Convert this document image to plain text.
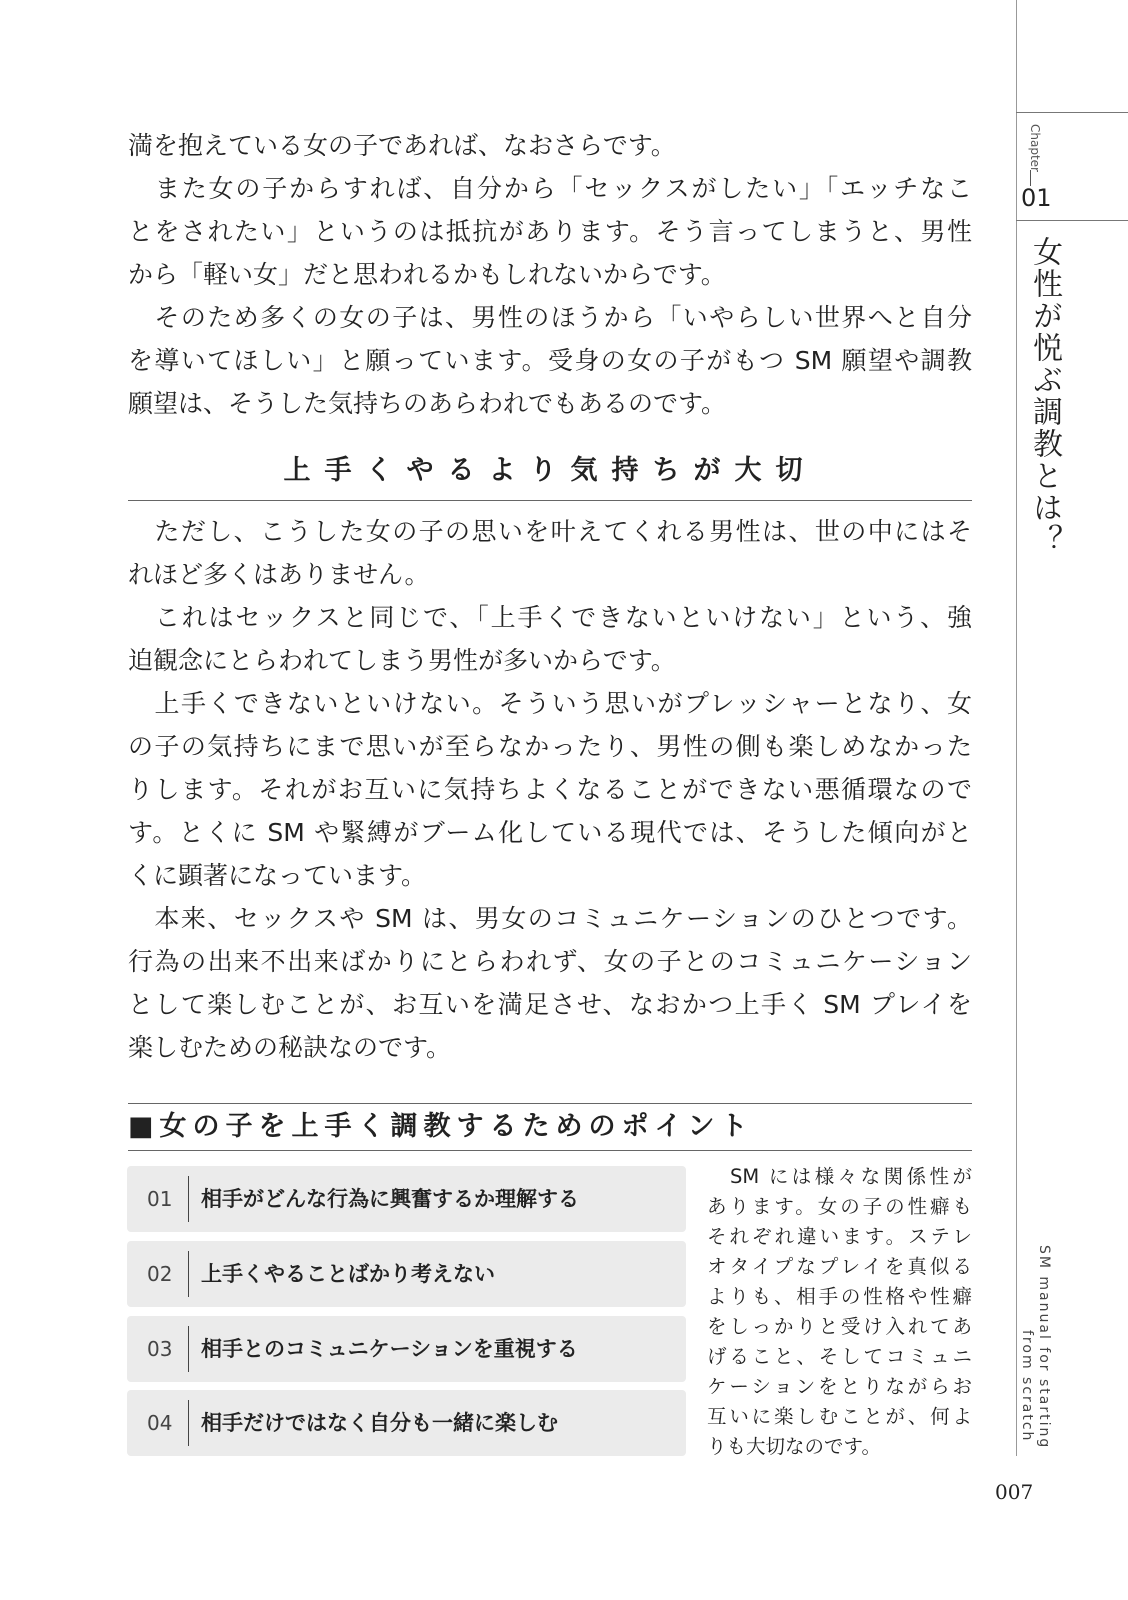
満を抱えている女の子であれば、なおさらです。
　また女の子からすれば、自分から「セックスがしたい」「エッチなこ
とをされたい」というのは抵抗があります。そう言ってしまうと、男性
から「軽い女」だと思われるかもしれないからです。
　そのため多くの女の子は、男性のほうから「いやらしい世界へと自分
を導いてほしい」と願っています。受身の女の子がもつ SM 願望や調教
願望は、そうした気持ちのあらわれでもあるのです。
上手くやるより気持ちが大切
　ただし、こうした女の子の思いを叶えてくれる男性は、世の中にはそ
れほど多くはありません。
　これはセックスと同じで、「上手くできないといけない」という、強
迫観念にとらわれてしまう男性が多いからです。
　上手くできないといけない。そういう思いがプレッシャーとなり、女
の子の気持ちにまで思いが至らなかったり、男性の側も楽しめなかった
りします。それがお互いに気持ちよくなることができない悪循環なので
す。とくに SM や緊縛がブーム化している現代では、そうした傾向がと
くに顕著になっています。
　本来、セックスや SM は、男女のコミュニケーションのひとつです。
行為の出来不出来ばかりにとらわれず、女の子とのコミュニケーション
として楽しむことが、お互いを満足させ、なおかつ上手く SM プレイを
楽しむための秘訣なのです。
■女の子を上手く調教するためのポイント
01 相手がどんな行為に興奮するか理解する
02 上手くやることばかり考えない
03 相手とのコミュニケーションを重視する
04 相手だけではなく自分も一緒に楽しむ
　SM には様々な関係性が
あります。女の子の性癖も
それぞれ違います。ステレ
オタイプなプレイを真似る
よりも、相手の性格や性癖
をしっかりと受け入れてあ
げること、そしてコミュニ
ケーションをとりながらお
互いに楽しむことが、何よ
りも大切なのです。
Chapter
01
女性が悦ぶ調教とは？
SM manual for starting
from scratch
007
